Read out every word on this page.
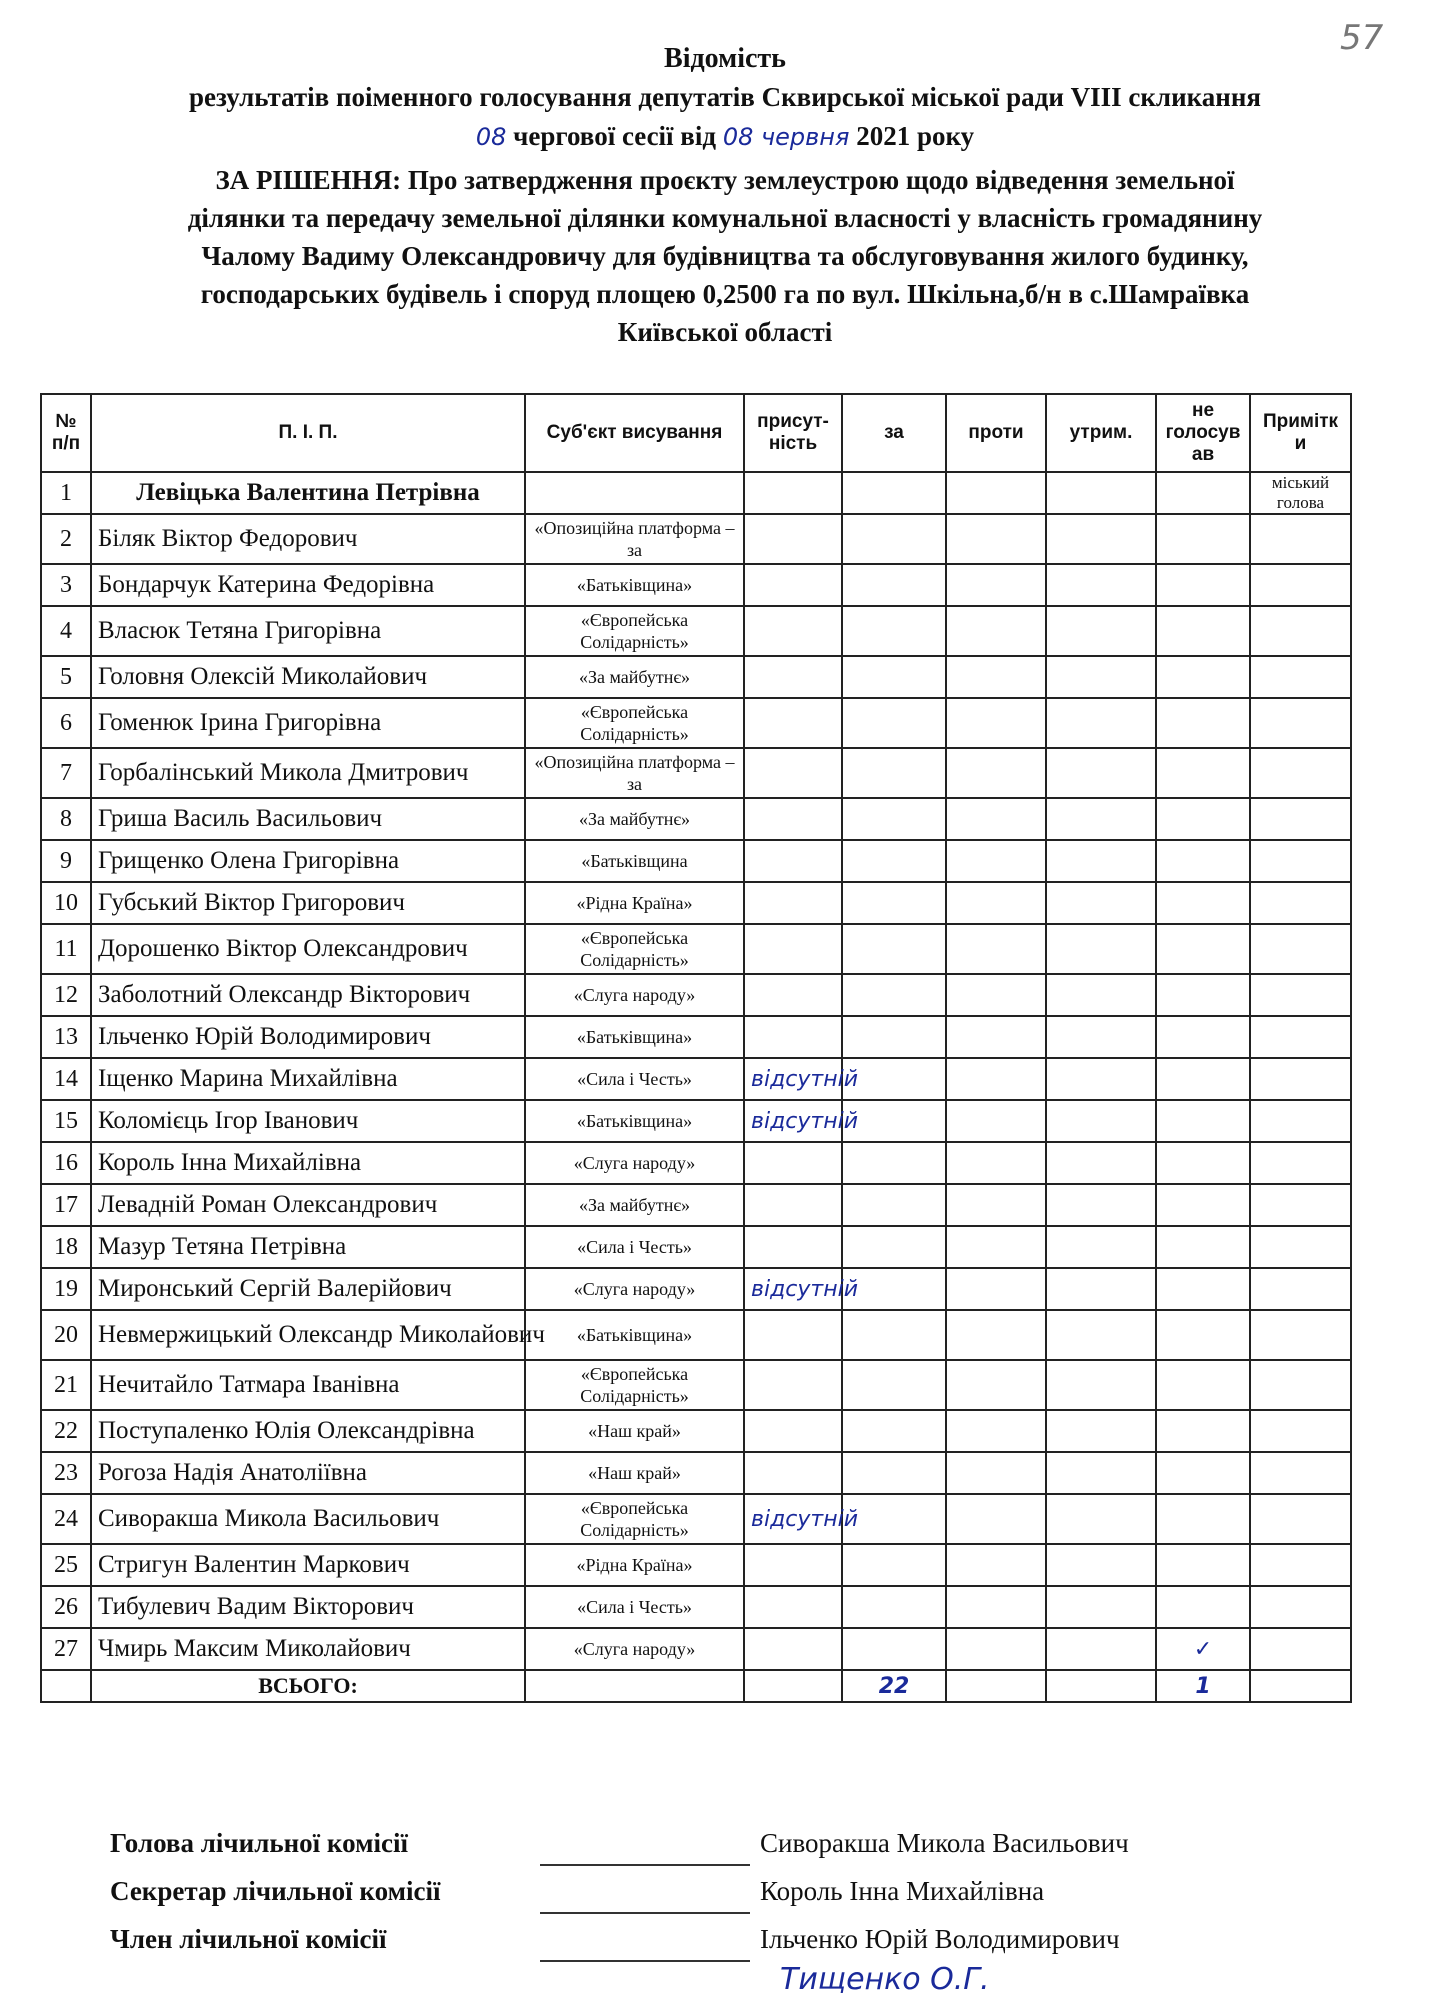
57
Відомість
результатів поіменного голосування депутатів Сквирської міської ради VIII скликання
08 чергової сесії від 08 червня 2021 року
ЗА РІШЕННЯ: Про затвердження проєкту землеустрою щодо відведення земельної
ділянки та передачу земельної ділянки комунальної власності у власність громадянину
Чалому Вадиму Олександровичу для будівництва та обслуговування жилого будинку,
господарських будівель і споруд площею 0,2500 га по вул. Шкільна,б/н в с.Шамраївка
Київської області
№ п/п	П. І. П.	Суб'єкт висування	присут-ність	за	проти	утрим.	не голосув ав	Примітк и
1	Левіцька Валентина Петрівна							міський голова
2	Біляк Віктор Федорович	«Опозиційна платформа – за						
3	Бондарчук Катерина Федорівна	«Батьківщина»						
4	Власюк Тетяна Григорівна	«Європейська Солідарність»						
5	Головня Олексій Миколайович	«За майбутнє»						
6	Гоменюк Ірина Григорівна	«Європейська Солідарність»						
7	Горбалінський Микола Дмитрович	«Опозиційна платформа – за						
8	Гриша Василь Васильович	«За майбутнє»						
9	Грищенко Олена Григорівна	«Батьківщина						
10	Губський Віктор Григорович	«Рідна Країна»						
11	Дорошенко Віктор Олександрович	«Європейська Солідарність»						
12	Заболотний Олександр Вікторович	«Слуга народу»						
13	Ільченко Юрій Володимирович	«Батьківщина»						
14	Іщенко Марина Михайлівна	«Сила і Честь»	відсутній					
15	Коломієць Ігор Іванович	«Батьківщина»	відсутній					
16	Король Інна Михайлівна	«Слуга народу»						
17	Левадній Роман Олександрович	«За майбутнє»						
18	Мазур Тетяна Петрівна	«Сила і Честь»						
19	Миронський Сергій Валерійович	«Слуга народу»	відсутній					
20	Невмержицький Олександр Миколайович	«Батьківщина»						
21	Нечитайло Татмара Іванівна	«Європейська Солідарність»						
22	Поступаленко Юлія Олександрівна	«Наш край»						
23	Рогоза Надія Анатоліївна	«Наш край»						
24	Сиворакша Микола Васильович	«Європейська Солідарність»	відсутній					
25	Стригун Валентин Маркович	«Рідна Країна»						
26	Тибулевич Вадим Вікторович	«Сила і Честь»						
27	Чмирь Максим Миколайович	«Слуга народу»					✓	
	ВСЬОГО:			22			1	
Голова лічильної комісії	Сиворакша Микола Васильович
Секретар лічильної комісії	Король Інна Михайлівна
Член лічильної комісії	Ільченко Юрій Володимирович
Тищенко О.Г.
